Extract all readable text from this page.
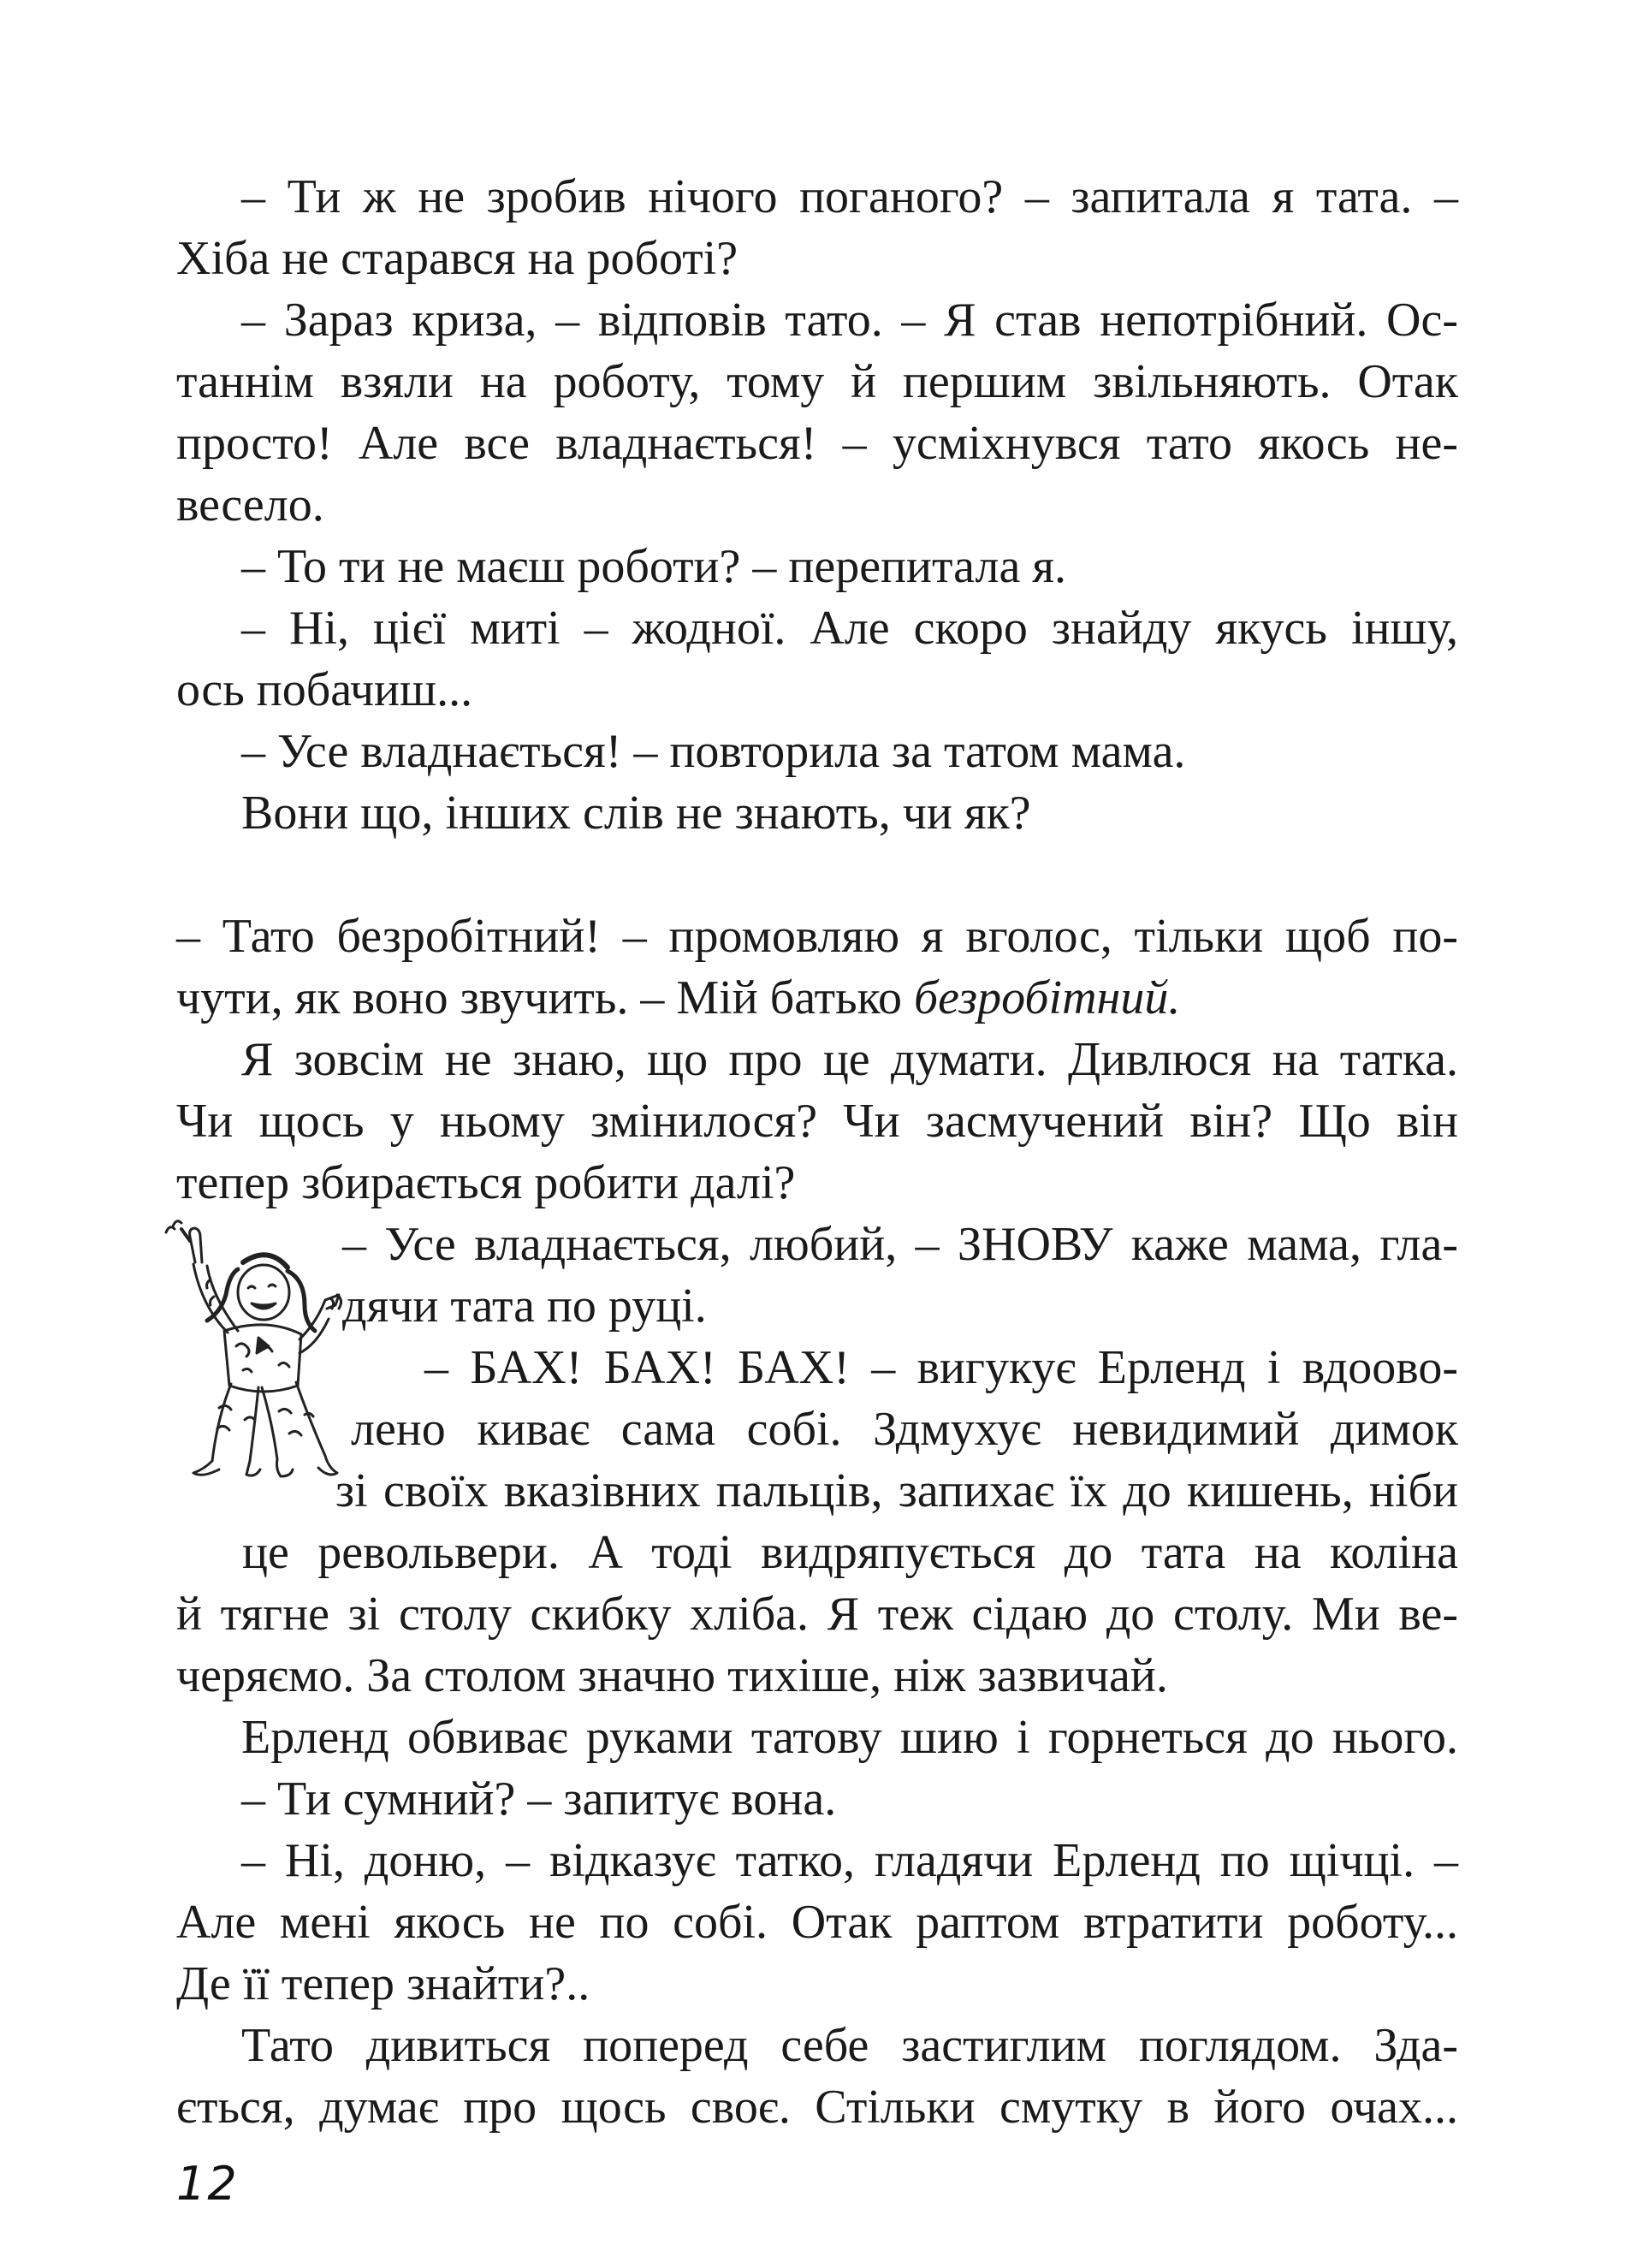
– Ти ж не зробив нічого поганого? – запитала я тата. –
Хіба не старався на роботі?
– Зараз криза, – відповів тато. – Я став непотрібний. Ос-
таннім взяли на роботу, тому й першим звільняють. Отак
просто! Але все владнається! – усміхнувся тато якось не-
весело.
– То ти не маєш роботи? – перепитала я.
– Ні, цієї миті – жодної. Але скоро знайду якусь іншу,
ось побачиш...
– Усе владнається! – повторила за татом мама.
Вони що, інших слів не знають, чи як?
– Тато безробітний! – промовляю я вголос, тільки щоб по-
чути, як воно звучить. – Мій батько безробітний.
Я зовсім не знаю, що про це думати. Дивлюся на татка.
Чи щось у ньому змінилося? Чи засмучений він? Що він
тепер збирається робити далі?
– Усе владнається, любий, – ЗНОВУ каже мама, гла-
дячи тата по руці.
– БАХ! БАХ! БАХ! – вигукує Ерленд і вдоово-
лено киває сама собі. Здмухує невидимий димок
зі своїх вказівних пальців, запихає їх до кишень, ніби
це револьвери. А тоді видряпується до тата на коліна
й тягне зі столу скибку хліба. Я теж сідаю до столу. Ми ве-
черяємо. За столом значно тихіше, ніж зазвичай.
Ерленд обвиває руками татову шию і горнеться до нього.
– Ти сумний? – запитує вона.
– Ні, доню, – відказує татко, гладячи Ерленд по щічці. –
Але мені якось не по собі. Отак раптом втратити роботу...
Де її тепер знайти?..
Тато дивиться поперед себе застиглим поглядом. Зда-
ється, думає про щось своє. Стільки смутку в його очах...
12
